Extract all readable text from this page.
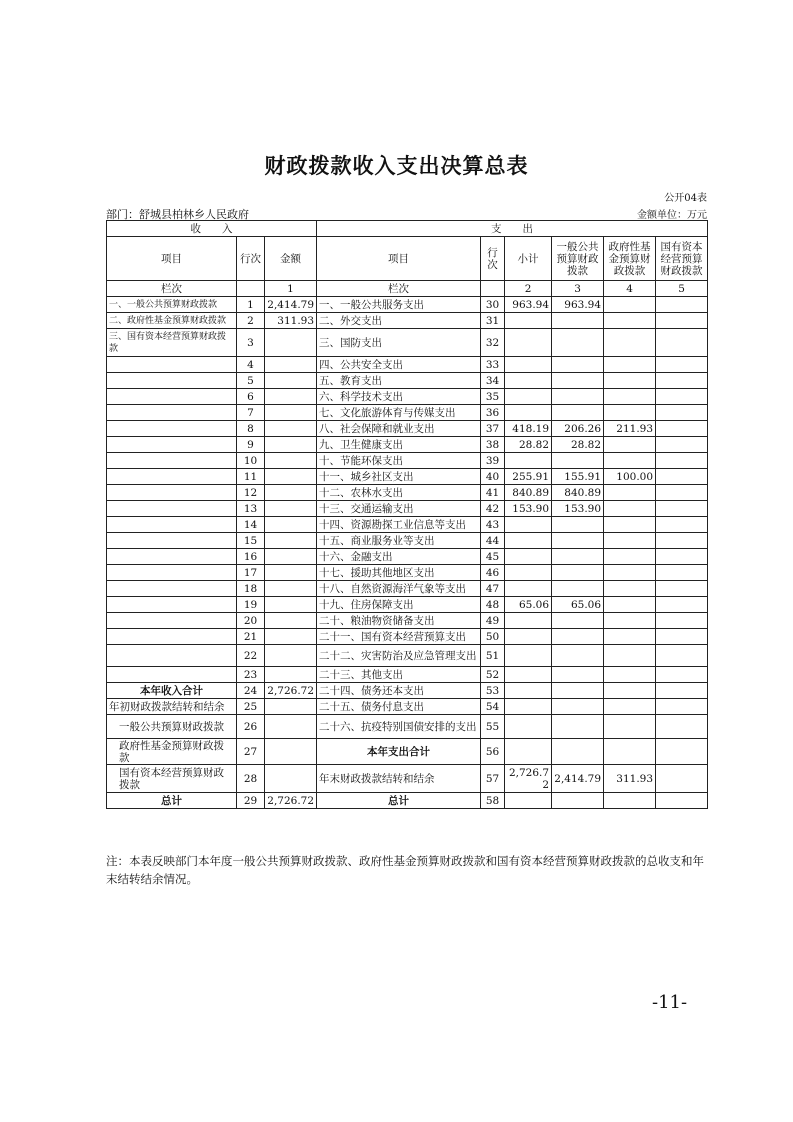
财政拨款收入支出决算总表
公开04表
部门：舒城县柏林乡人民政府	金额单位：万元
收　　入			支　　出					
项目	行次	金额	项目	行次	小计	一般公共预算财政拨款	政府性基金预算财政拨款	国有资本经营预算财政拨款
栏次		1	栏次		2	3	4	5
一、一般公共预算财政拨款	1	2,414.79	一、一般公共服务支出	30	963.94	963.94		
二、政府性基金预算财政拨款	2	311.93	二、外交支出	31				
三、国有资本经营预算财政拨款	3		三、国防支出	32				
	4		四、公共安全支出	33				
	5		五、教育支出	34				
	6		六、科学技术支出	35				
	7		七、文化旅游体育与传媒支出	36				
	8		八、社会保障和就业支出	37	418.19	206.26	211.93	
	9		九、卫生健康支出	38	28.82	28.82		
	10		十、节能环保支出	39				
	11		十一、城乡社区支出	40	255.91	155.91	100.00	
	12		十二、农林水支出	41	840.89	840.89		
	13		十三、交通运输支出	42	153.90	153.90		
	14		十四、资源勘探工业信息等支出	43				
	15		十五、商业服务业等支出	44				
	16		十六、金融支出	45				
	17		十七、援助其他地区支出	46				
	18		十八、自然资源海洋气象等支出	47				
	19		十九、住房保障支出	48	65.06	65.06		
	20		二十、粮油物资储备支出	49				
	21		二十一、国有资本经营预算支出	50				
	22		二十二、灾害防治及应急管理支出	51				
	23		二十三、其他支出	52				
本年收入合计	24	2,726.72	二十四、债务还本支出	53				
年初财政拨款结转和结余	25		二十五、债务付息支出	54				
一般公共预算财政拨款	26		二十六、抗疫特别国债安排的支出	55				
政府性基金预算财政拨款	27		本年支出合计	56				
国有资本经营预算财政拨款	28		年末财政拨款结转和结余	57	2,726.72	2,414.79	311.93	
总计	29	2,726.72	总计	58				
注：本表反映部门本年度一般公共预算财政拨款、政府性基金预算财政拨款和国有资本经营预算财政拨款的总收支和年末结转结余情况。
-11-
